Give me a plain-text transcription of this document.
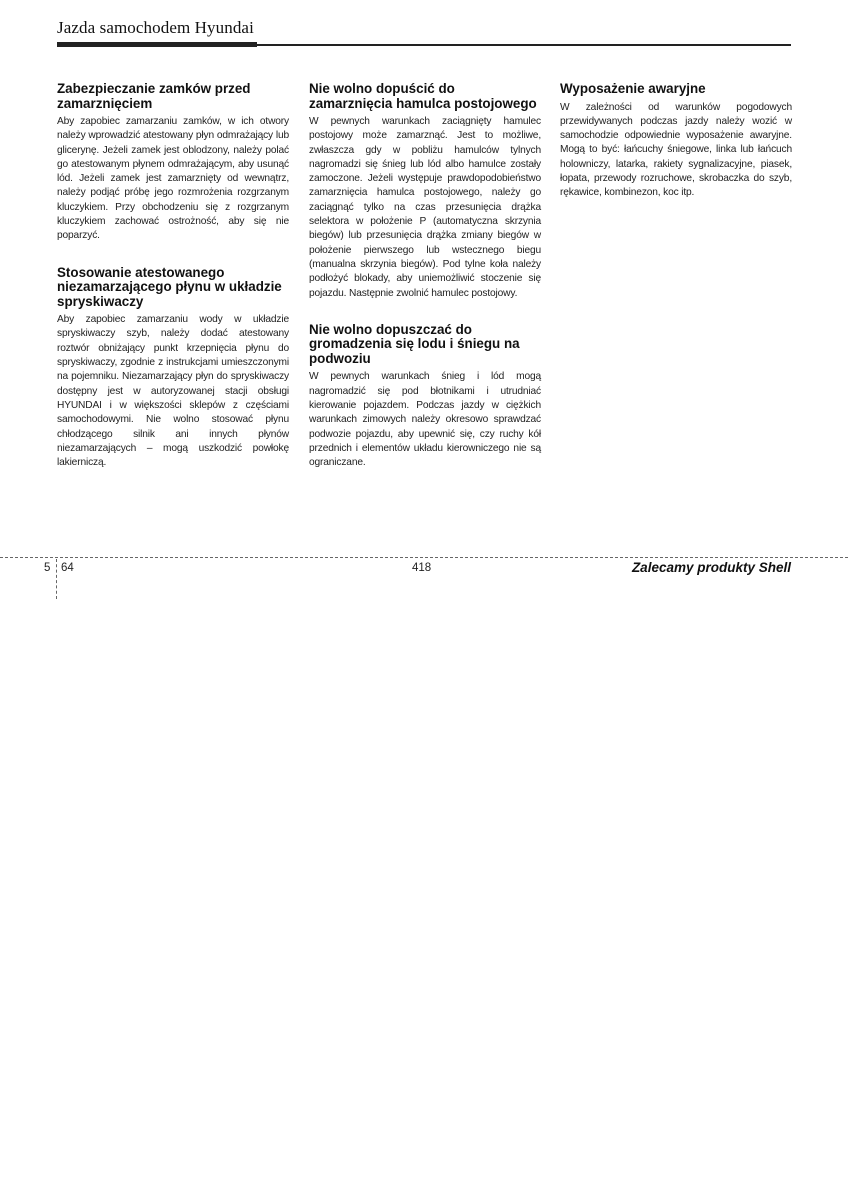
Jazda samochodem Hyundai
Zabezpieczanie zamków przed zamarznięciem

Aby zapobiec zamarzaniu zamków, w ich otwory należy wprowadzić atestowany płyn odmrażający lub glicerynę. Jeżeli zamek jest oblodzony, należy polać go atestowanym płynem odmrażającym, aby usunąć lód. Jeżeli zamek jest zamarznięty od wewnątrz, należy podjąć próbę jego rozmrożenia rozgrzanym kluczykiem. Przy obchodzeniu się z rozgrzanym kluczykiem zachować ostrożność, aby się nie poparzyć.

Stosowanie atestowanego niezamarzającego płynu w układzie spryskiwaczy

Aby zapobiec zamarzaniu wody w układzie spryskiwaczy szyb, należy dodać atestowany roztwór obniżający punkt krzepnięcia płynu do spryskiwaczy, zgodnie z instrukcjami umieszczonymi na pojemniku. Niezamarzający płyn do spryskiwaczy dostępny jest w autoryzowanej stacji obsługi HYUNDAI i w większości sklepów z częściami samochodowymi. Nie wolno stosować płynu chłodzącego silnik ani innych płynów niezamarzających – mogą uszkodzić powłokę lakierniczą.

Nie wolno dopuścić do zamarznięcia hamulca postojowego

W pewnych warunkach zaciągnięty hamulec postojowy może zamarznąć. Jest to możliwe, zwłaszcza gdy w pobliżu hamulców tylnych nagromadzi się śnieg lub lód albo hamulce zostały zamoczone. Jeżeli występuje prawdopodobieństwo zamarznięcia hamulca postojowego, należy go zaciągnąć tylko na czas przesunięcia drążka selektora w położenie P (automatyczna skrzynia biegów) lub przesunięcia drążka zmiany biegów w położenie pierwszego lub wstecznego biegu (manualna skrzynia biegów). Pod tylne koła należy podłożyć blokady, aby uniemożliwić stoczenie się pojazdu. Następnie zwolnić hamulec postojowy.

Nie wolno dopuszczać do gromadzenia się lodu i śniegu na podwoziu

W pewnych warunkach śnieg i lód mogą nagromadzić się pod błotnikami i utrudniać kierowanie pojazdem. Podczas jazdy w ciężkich warunkach zimowych należy okresowo sprawdzać podwozie pojazdu, aby upewnić się, czy ruchy kół przednich i elementów układu kierowniczego nie są ograniczane.

Wyposażenie awaryjne

W zależności od warunków pogodowych przewidywanych podczas jazdy należy wozić w samochodzie odpowiednie wyposażenie awaryjne. Mogą to być: łańcuchy śniegowe, linka lub łańcuch holowniczy, latarka, rakiety sygnalizacyjne, piasek, łopata, przewody rozruchowe, skrobaczka do szyb, rękawice, kombinezon, koc itp.

5 64	418	Zalecamy produkty Shell
